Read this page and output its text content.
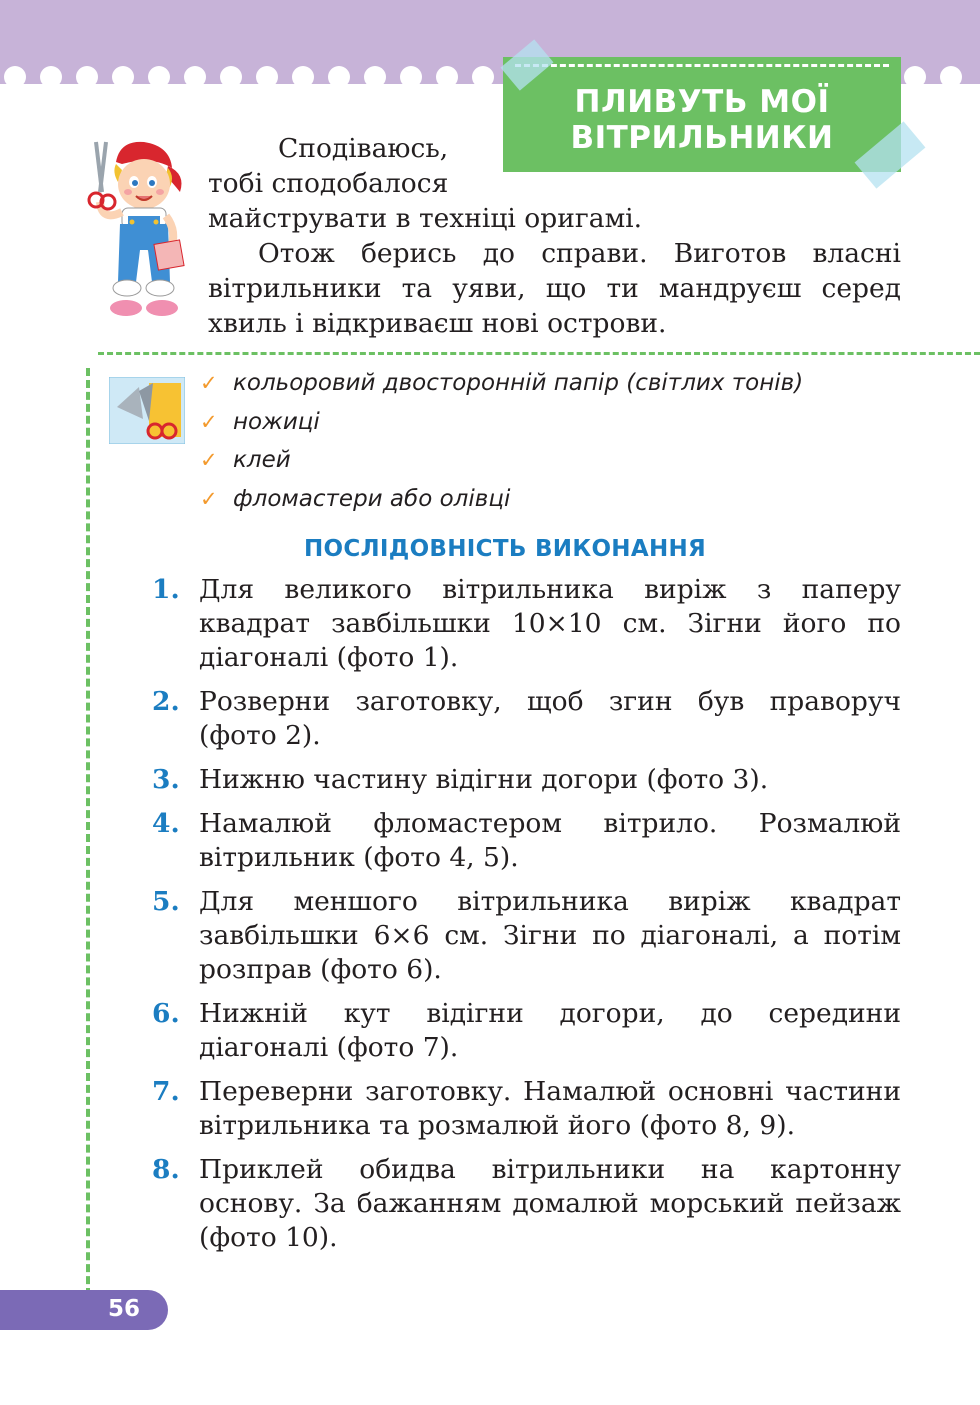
ПЛИВУТЬ МОЇ
ВІТРИЛЬНИКИ

Сподіваюсь,

тобі сподобалося

майструвати в техніці оригамі.

Отож берись до справи. Виготов власні вітрильники та уяви, що ти мандруєш серед хвиль і відкриваєш нові острови.

✓ кольоровий двосторонній папір (світлих тонів)
✓ ножиці
✓ клей
✓ фломастери або олівці
ПОСЛІДОВНІСТЬ ВИКОНАННЯ
1. Для великого вітрильника виріж з паперу квадрат завбільшки 10×10 см. Зігни його по діагоналі (фото 1).
2. Розверни заготовку, щоб згин був праворуч (фото 2).
3. Нижню частину відігни догори (фото 3).
4. Намалюй фломастером вітрило. Розмалюй вітрильник (фото 4, 5).
5. Для меншого вітрильника виріж квадрат завбільшки 6×6 см. Зігни по діагоналі, а потім розправ (фото 6).
6. Нижній кут відігни догори, до середини діагоналі (фото 7).
7. Переверни заготовку. Намалюй основні частини вітрильника та розмалюй його (фото 8, 9).
8. Приклей обидва вітрильники на картонну основу. За бажанням домалюй морський пейзаж (фото 10).
56
